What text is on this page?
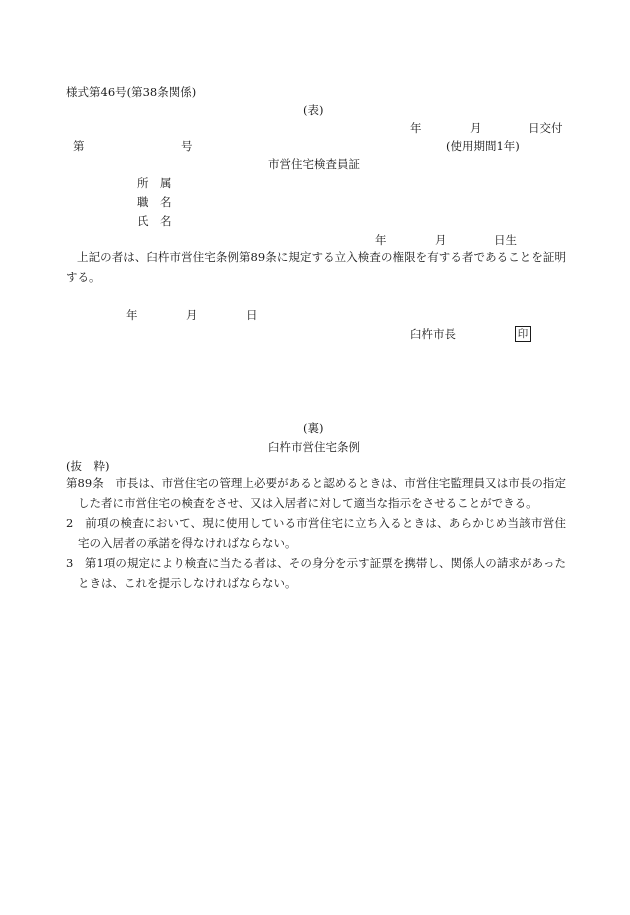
様式第46号(第38条関係)
(表)
年	月	日交付
第	号	(使用期間1年)
市営住宅検査員証
所　属
職　名
氏　名
年	月	日生
上記の者は、臼杵市営住宅条例第89条に規定する立入検査の権限を有する者であることを証明する。
年	月	日
臼杵市長	印
(裏)
臼杵市営住宅条例
(抜　粋)
第89条　市長は、市営住宅の管理上必要があると認めるときは、市営住宅監理員又は市長の指定した者に市営住宅の検査をさせ、又は入居者に対して適当な指示をさせることができる。
2　前項の検査において、現に使用している市営住宅に立ち入るときは、あらかじめ当該市営住宅の入居者の承諾を得なければならない。
3　第1項の規定により検査に当たる者は、その身分を示す証票を携帯し、関係人の請求があったときは、これを提示しなければならない。
